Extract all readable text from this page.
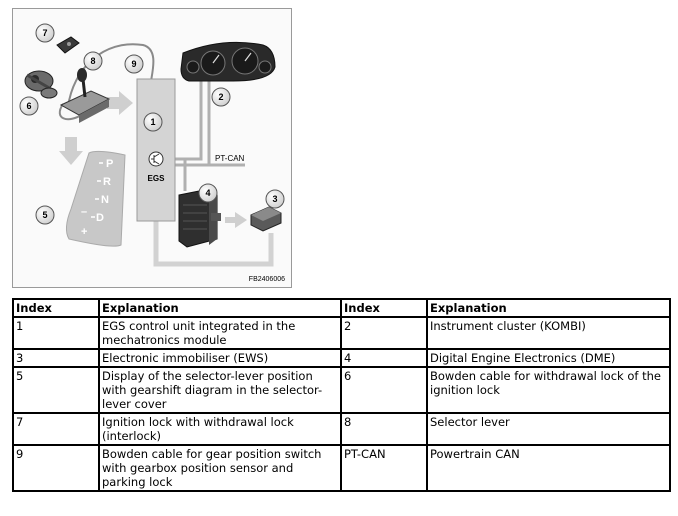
EGS
P
R
N
D
–
+
7
8	9
6
1
2
4
3
5
PT-CAN
FB2406006
Index	Explanation	Index	Explanation
1	EGS control unit integrated in the mechatronics module	2	Instrument cluster (KOMBI)
3	Electronic immobiliser (EWS)	4	Digital Engine Electronics (DME)
5	Display of the selector-lever position with gearshift diagram in the selector-lever cover	6	Bowden cable for withdrawal lock of the ignition lock
7	Ignition lock with withdrawal lock (interlock)	8	Selector lever
9	Bowden cable for gear position switch with gearbox position sensor and parking lock	PT-CAN	Powertrain CAN
